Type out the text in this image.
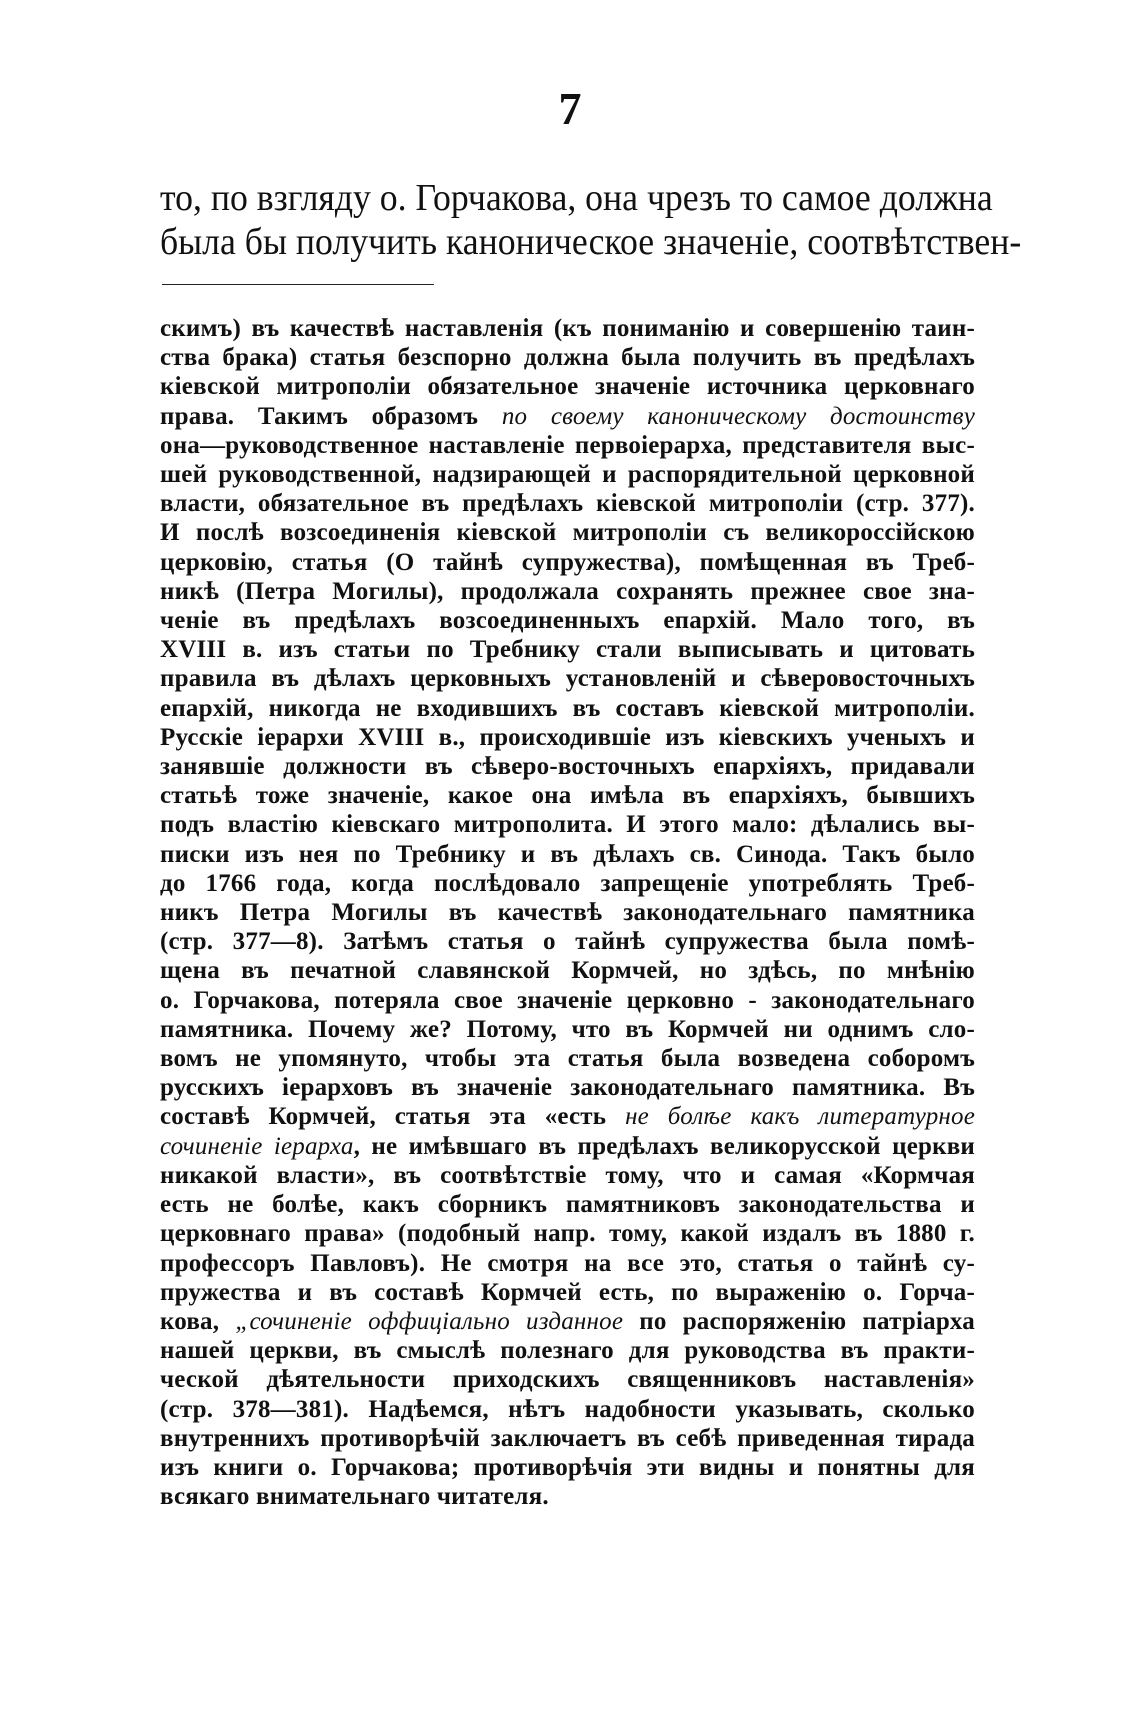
7
то, по взгляду о. Горчакова, она чрезъ то самое должна
была бы получить каноническое значеніе, соотвѣтствен-
скимъ) въ качествѣ наставленія (къ пониманію и совершенію таин-
ства брака) статья безспорно должна была получить въ предѣлахъ
кіевской митрополіи обязательное значеніе источника церковнаго
права. Такимъ образомъ по своему каноническому достоинству
она—руководственное наставленіе первоіерарха, представителя выс-
шей руководственной, надзирающей и распорядительной церковной
власти, обязательное въ предѣлахъ кіевской митрополіи (стр. 377).
И послѣ возсоединенія кіевской митрополіи съ великороссійскою
церковію, статья (О тайнѣ супружества), помѣщенная въ Треб-
никѣ (Петра Могилы), продолжала сохранять прежнее свое зна-
ченіе въ предѣлахъ возсоединенныхъ епархій. Мало того, въ
XVIII в. изъ статьи по Требнику стали выписывать и цитовать
правила въ дѣлахъ церковныхъ установленій и сѣверовосточныхъ
епархій, никогда не входившихъ въ составъ кіевской митрополіи.
Русскіе іерархи XVIII в., происходившіе изъ кіевскихъ ученыхъ и
занявшіе должности въ сѣверо-восточныхъ епархіяхъ, придавали
статьѣ тоже значеніе, какое она имѣла въ епархіяхъ, бывшихъ
подъ властію кіевскаго митрополита. И этого мало: дѣлались вы-
писки изъ нея по Требнику и въ дѣлахъ св. Синода. Такъ было
до 1766 года, когда послѣдовало запрещеніе употреблять Треб-
никъ Петра Могилы въ качествѣ законодательнаго памятника
(стр. 377—8). Затѣмъ статья о тайнѣ супружества была помѣ-
щена въ печатной славянской Кормчей, но здѣсь, по мнѣнію
о. Горчакова, потеряла свое значеніе церковно - законодательнаго
памятника. Почему же? Потому, что въ Кормчей ни однимъ сло-
вомъ не упомянуто, чтобы эта статья была возведена соборомъ
русскихъ іерарховъ въ значеніе законодательнаго памятника. Въ
составѣ Кормчей, статья эта «есть не болѣе какъ литературное
сочиненіе іерарха, не имѣвшаго въ предѣлахъ великорусской церкви
никакой власти», въ соотвѣтствіе тому, что и самая «Кормчая
есть не болѣе, какъ сборникъ памятниковъ законодательства и
церковнаго права» (подобный напр. тому, какой издалъ въ 1880 г.
профессоръ Павловъ). Не смотря на все это, статья о тайнѣ су-
пружества и въ составѣ Кормчей есть, по выраженію о. Горча-
кова, „сочиненіе оффиціально изданное по распоряженію патріарха
нашей церкви, въ смыслѣ полезнаго для руководства въ практи-
ческой дѣятельности приходскихъ священниковъ наставленія»
(стр. 378—381). Надѣемся, нѣтъ надобности указывать, сколько
внутреннихъ противорѣчій заключаетъ въ себѣ приведенная тирада
изъ книги о. Горчакова; противорѣчія эти видны и понятны для
всякаго внимательнаго читателя.
